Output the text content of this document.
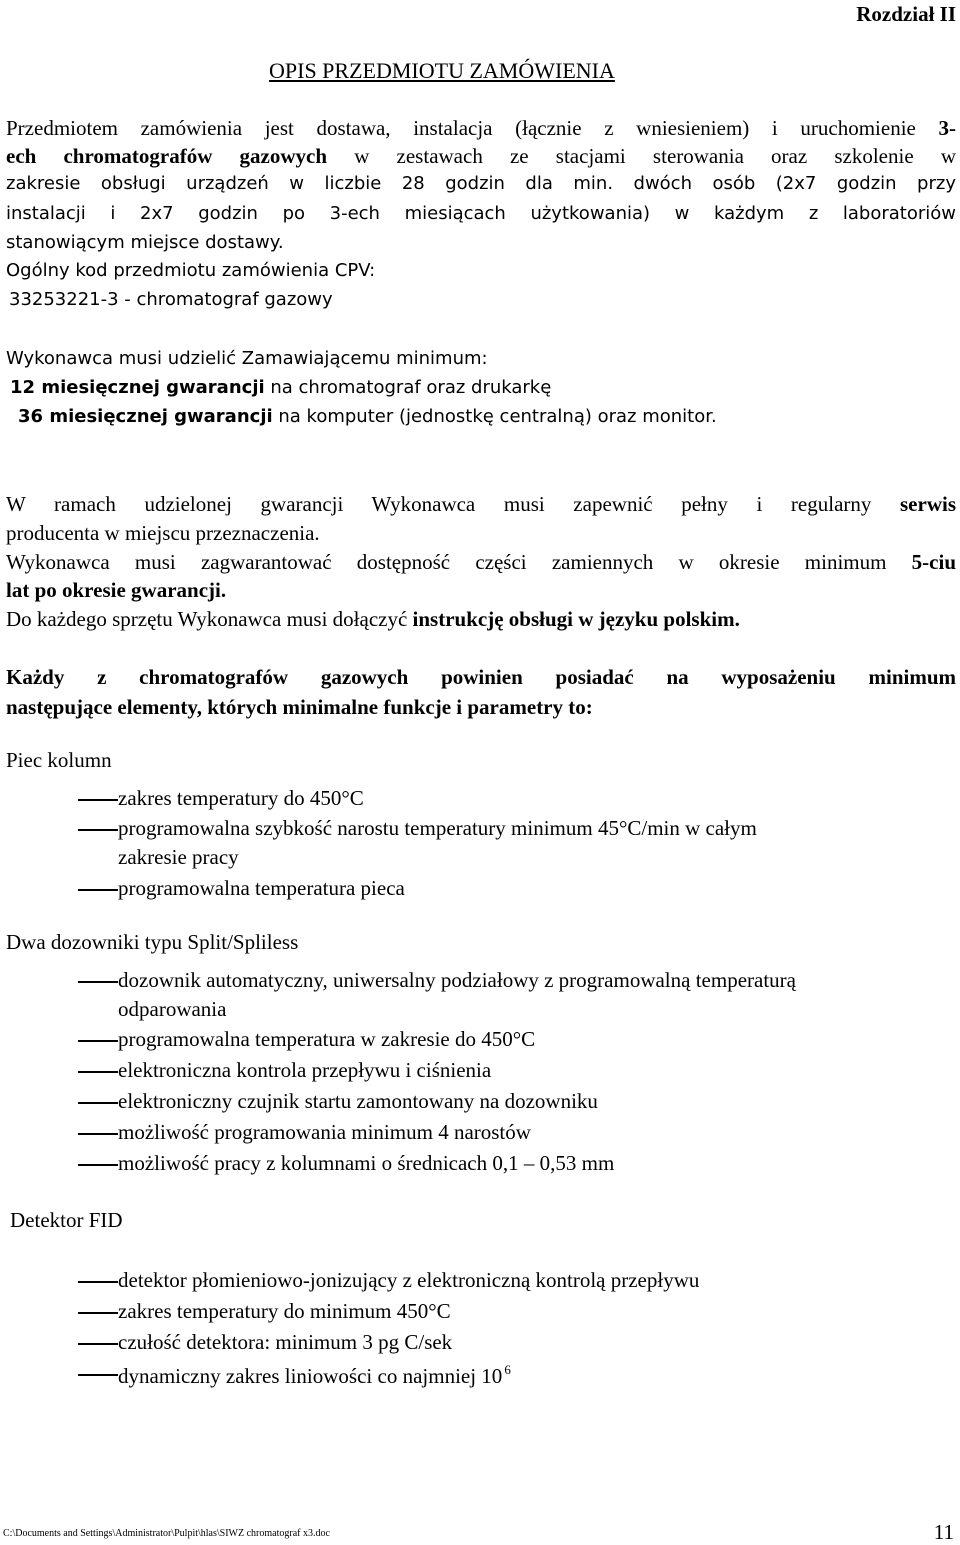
Rozdział II
OPIS PRZEDMIOTU ZAMÓWIENIA
Przedmiotem zamówienia jest dostawa, instalacja (łącznie z wniesieniem) i uruchomienie 3-
ech chromatografów gazowych w zestawach ze stacjami sterowania oraz szkolenie w
zakresie obsługi urządzeń w liczbie 28 godzin dla min. dwóch osób (2x7 godzin przy
instalacji i 2x7 godzin po 3-ech miesiącach użytkowania) w każdym z laboratoriów
stanowiącym miejsce dostawy.
Ogólny kod przedmiotu zamówienia CPV:
33253221-3 - chromatograf gazowy
Wykonawca musi udzielić Zamawiającemu minimum:
12 miesięcznej gwarancji na chromatograf oraz drukarkę
36 miesięcznej gwarancji na komputer (jednostkę centralną) oraz monitor.
W ramach udzielonej gwarancji Wykonawca musi zapewnić pełny i regularny serwis
producenta w miejscu przeznaczenia.
Wykonawca musi zagwarantować dostępność części zamiennych w okresie minimum 5-ciu
lat po okresie gwarancji.
Do każdego sprzętu Wykonawca musi dołączyć instrukcję obsługi w języku polskim.
Każdy z chromatografów gazowych powinien posiadać na wyposażeniu minimum
następujące elementy, których minimalne funkcje i parametry to:
Piec kolumn
zakres temperatury do 450°C
programowalna szybkość narostu temperatury minimum 45°C/min w całym
zakresie pracy
programowalna temperatura pieca
Dwa dozowniki typu Split/Spliless
dozownik automatyczny, uniwersalny podziałowy z programowalną temperaturą
odparowania
programowalna temperatura w zakresie do 450°C
elektroniczna kontrola przepływu i ciśnienia
elektroniczny czujnik startu zamontowany na dozowniku
możliwość programowania minimum 4 narostów
możliwość pracy z kolumnami o średnicach 0,1 – 0,53 mm
Detektor FID
detektor płomieniowo-jonizujący z elektroniczną kontrolą przepływu
zakres temperatury do minimum 450°C
czułość detektora: minimum 3 pg C/sek
dynamiczny zakres liniowości co najmniej 10 $^6$
C:\Documents and Settings\Administrator\Pulpit\hlas\SIWZ chromatograf x3.doc	11
